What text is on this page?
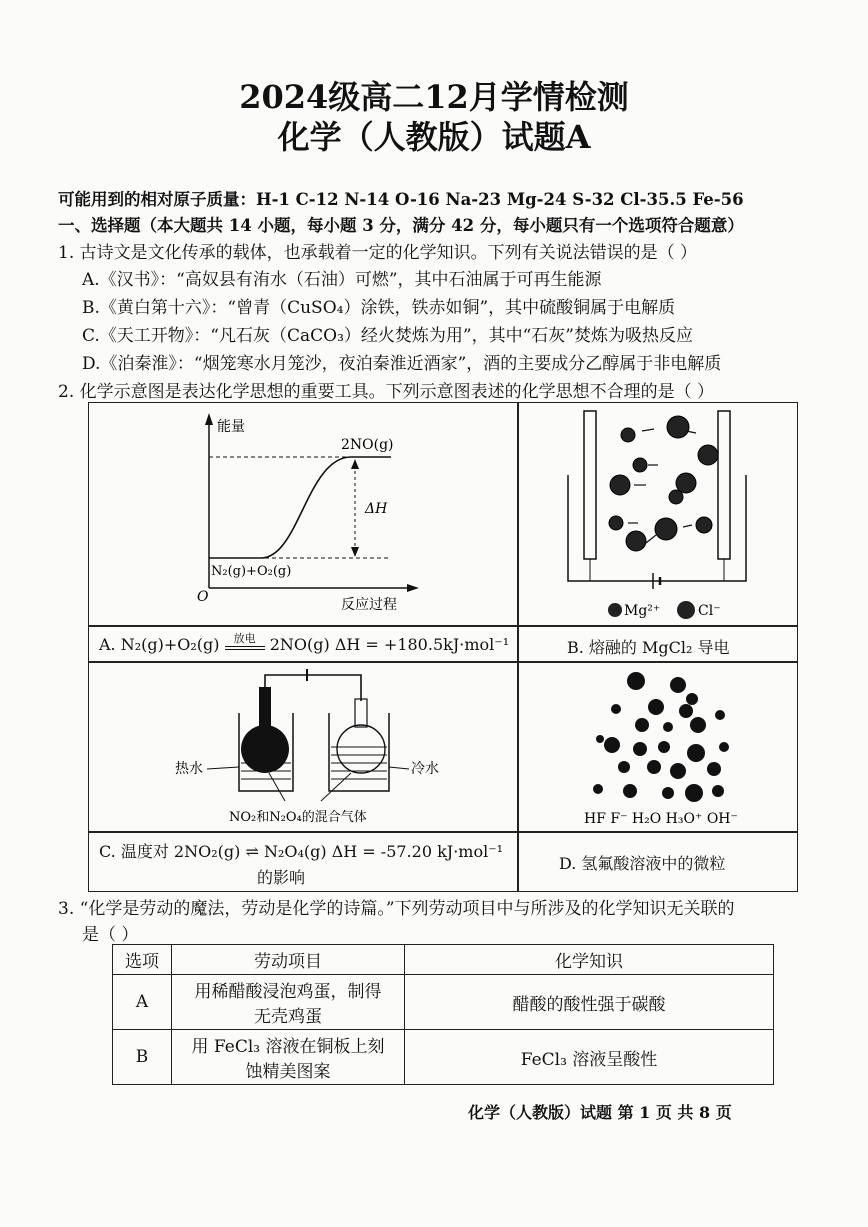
2024级高二12月学情检测
化学（人教版）试题A
可能用到的相对原子质量：H-1 C-12 N-14 O-16 Na-23 Mg-24 S-32 Cl-35.5 Fe-56
一、选择题（本大题共 14 小题，每小题 3 分，满分 42 分，每小题只有一个选项符合题意）
1. 古诗文是文化传承的载体，也承载着一定的化学知识。下列有关说法错误的是（ ）
A.《汉书》：“高奴县有洧水（石油）可燃”，其中石油属于可再生能源
B.《黄白第十六》：“曾青（CuSO₄）涂铁，铁赤如铜”，其中硫酸铜属于电解质
C.《天工开物》：“凡石灰（CaCO₃）经火焚炼为用”，其中“石灰”焚炼为吸热反应
D.《泊秦淮》：“烟笼寒水月笼沙，夜泊秦淮近酒家”，酒的主要成分乙醇属于非电解质
2. 化学示意图是表达化学思想的重要工具。下列示意图表述的化学思想不合理的是（ ）
能量
2NO(g)
N₂(g)+O₂(g)
ΔH
O	反应过程
A. N₂(g)+O₂(g)	放电 2NO(g) ΔH = +180.5kJ·mol⁻¹
Mg²⁺	Cl⁻
B. 熔融的 MgCl₂ 导电
热水	冷水
NO₂和N₂O₄的混合气体
C. 温度对 2NO₂(g) ⇌ N₂O₄(g) ΔH = -57.20 kJ·mol⁻¹
的影响
HF F⁻ H₂O H₃O⁺ OH⁻
D. 氢氟酸溶液中的微粒
3. “化学是劳动的魔法，劳动是化学的诗篇。”下列劳动项目中与所涉及的化学知识无关联的
是（ ）
选项	劳动项目	化学知识
A	用稀醋酸浸泡鸡蛋，制得
无壳鸡蛋	醋酸的酸性强于碳酸
B	用 FeCl₃ 溶液在铜板上刻
蚀精美图案	FeCl₃ 溶液呈酸性
化学（人教版）试题 第 1 页 共 8 页
